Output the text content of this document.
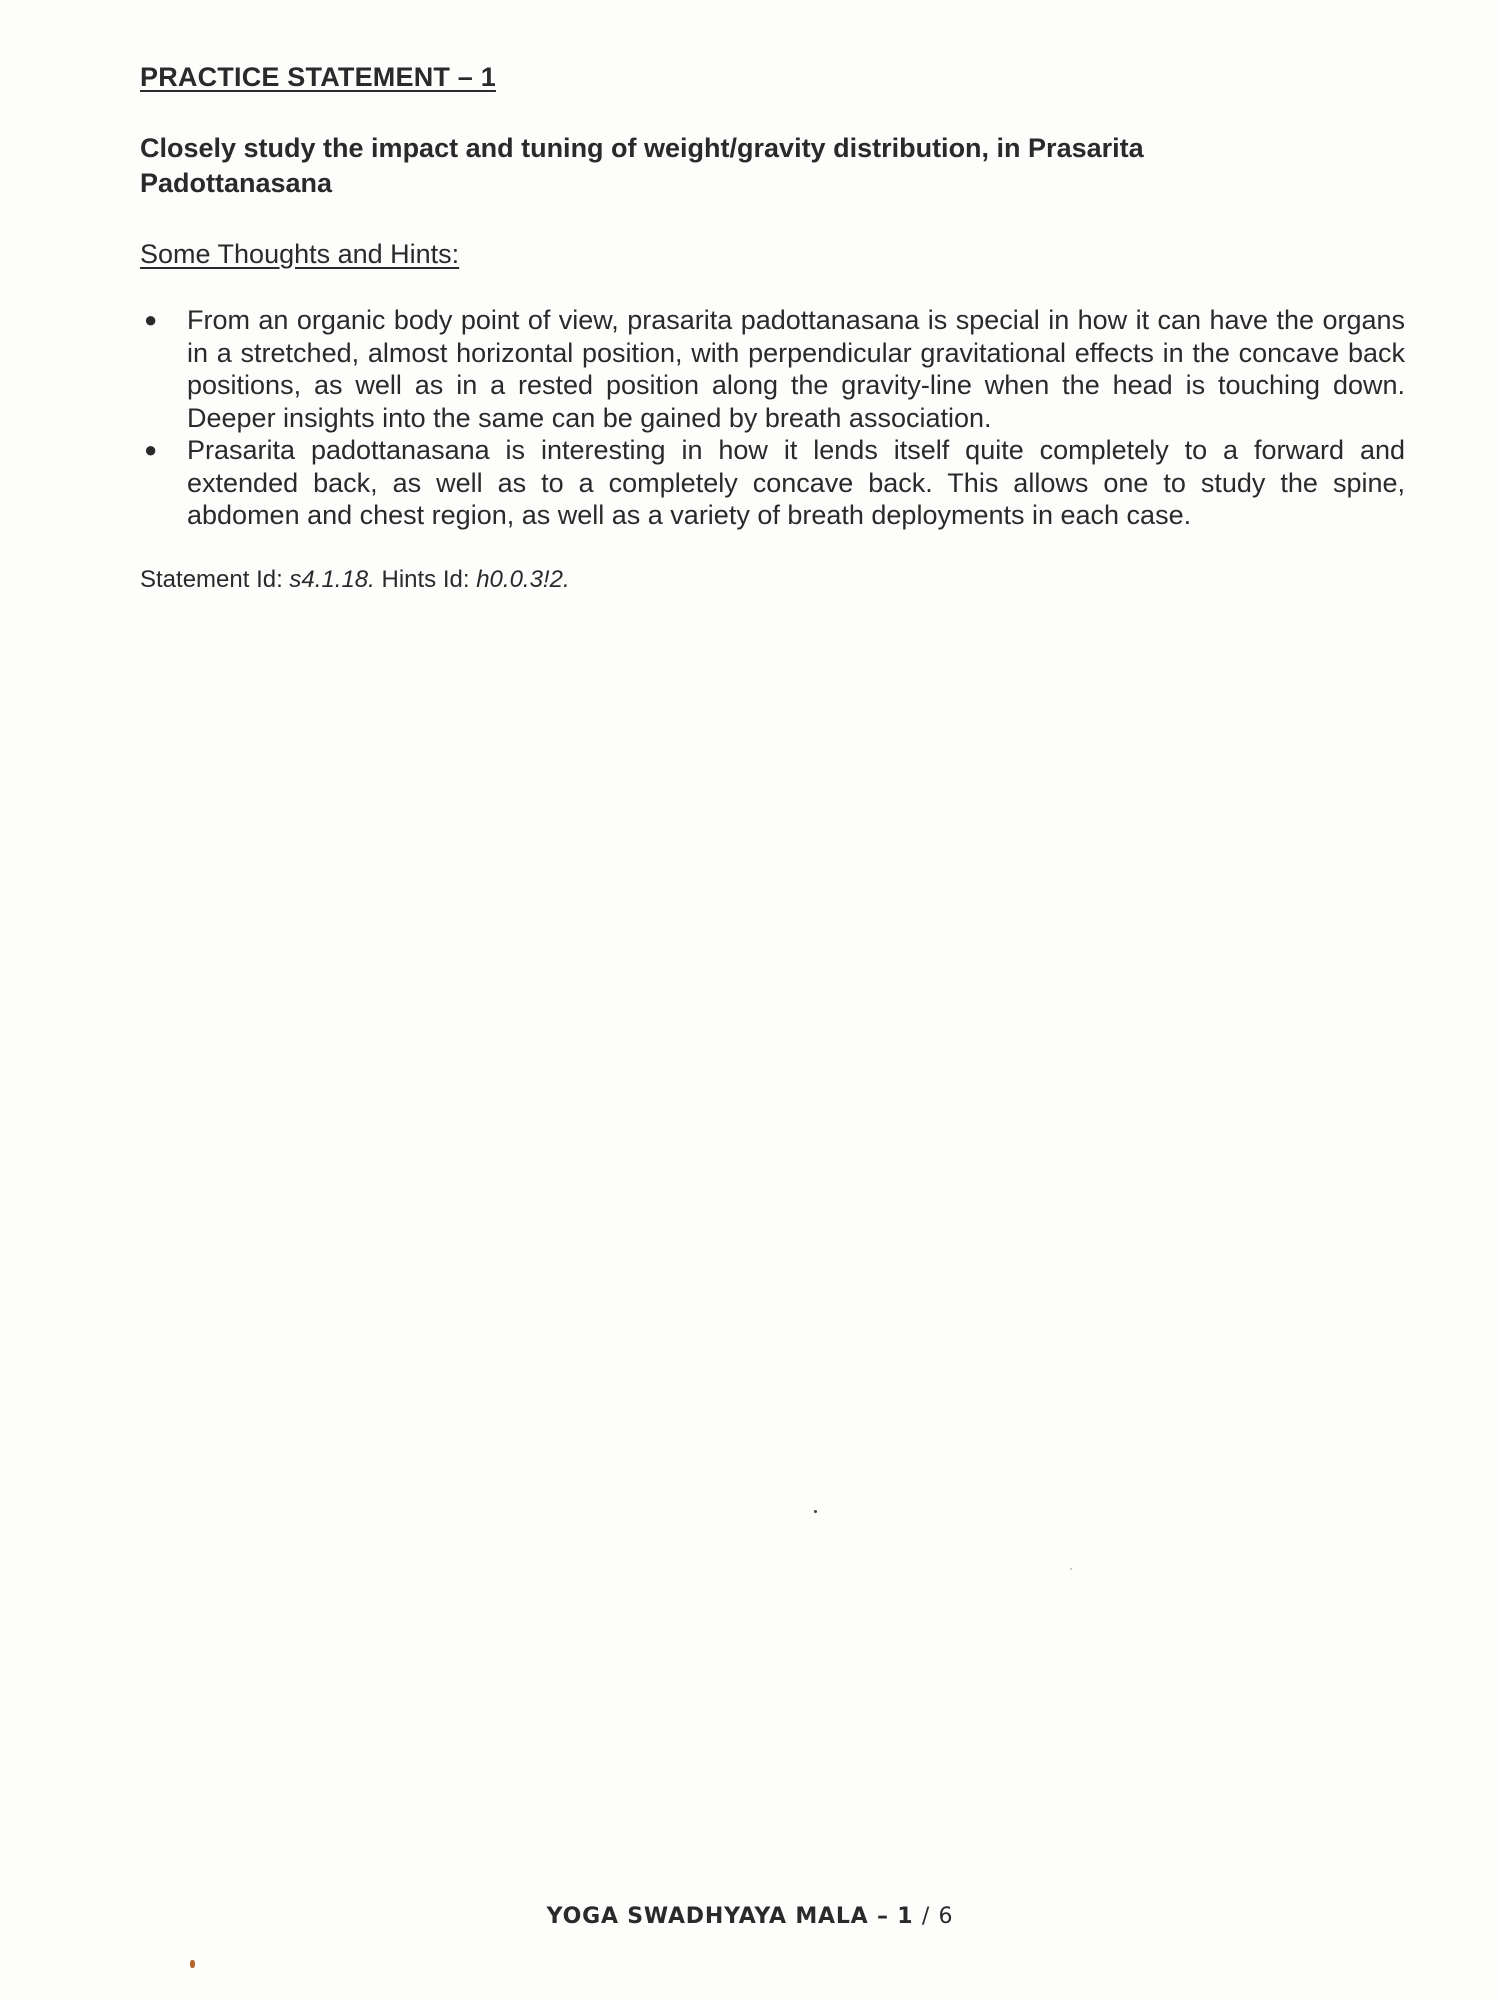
PRACTICE STATEMENT – 1
Closely study the impact and tuning of weight/gravity distribution, in Prasarita Padottanasana
Some Thoughts and Hints:
● From an organic body point of view, prasarita padottanasana is special in how it can have the organs in a stretched, almost horizontal position, with perpendicular gravitational effects in the concave back positions, as well as in a rested position along the gravity-line when the head is touching down. Deeper insights into the same can be gained by breath association.
● Prasarita padottanasana is interesting in how it lends itself quite completely to a forward and extended back, as well as to a completely concave back. This allows one to study the spine, abdomen and chest region, as well as a variety of breath deployments in each case.

Statement Id: s4.1.18. Hints Id: h0.0.3!2.

YOGA SWADHYAYA MALA – 1 / 6
